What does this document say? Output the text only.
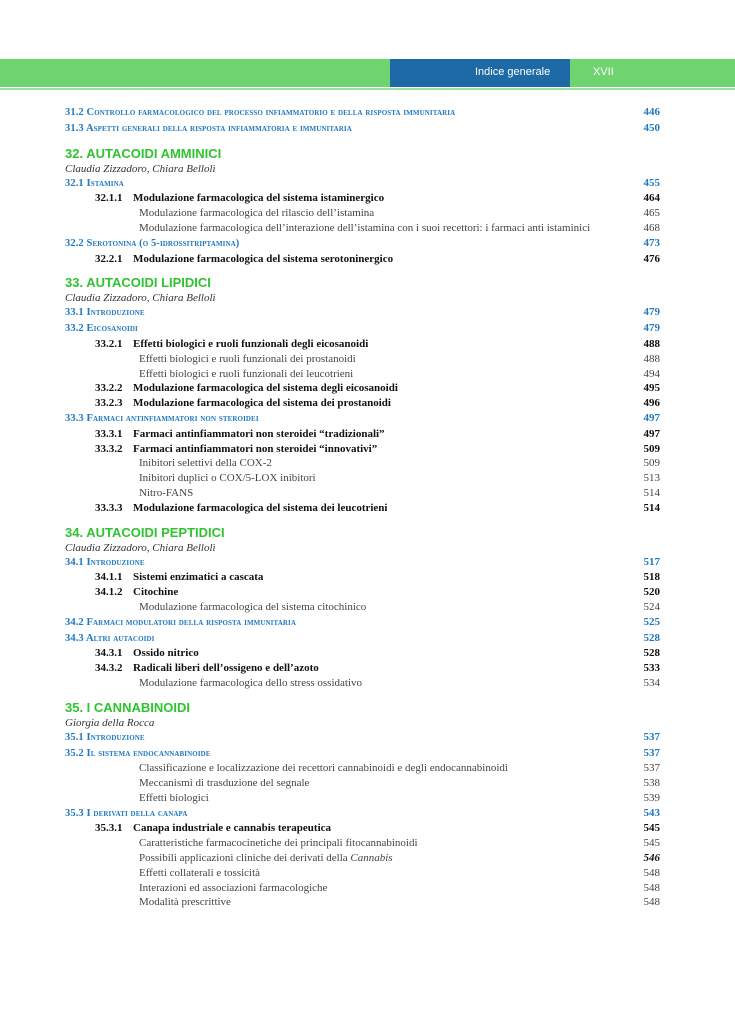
Indice generale	XVII
31.2 Controllo farmacologico del processo infiammatorio e della risposta immunitaria	446
31.3 Aspetti generali della risposta infiammatoria e immunitaria	450
32. AUTACOIDI AMMINICI
Claudia Zizzadoro, Chiara Bellolì
32.1 Istamina	455
32.1.1 Modulazione farmacologica del sistema istaminergico	464
Modulazione farmacologica del rilascio dell’istamina	465
Modulazione farmacologica dell’interazione dell’istamina con i suoi recettori: i farmaci anti istaminici	468
32.2 Serotonina (o 5-idrossitriptamina)	473
32.2.1 Modulazione farmacologica del sistema serotoninergico	476
33. AUTACOIDI LIPIDICI
Claudia Zizzadoro, Chiara Bellolì
33.1 Introduzione	479
33.2 Eicosanoidi	479
33.2.1 Effetti biologici e ruoli funzionali degli eicosanoidi	488
Effetti biologici e ruoli funzionali dei prostanoidi	488
Effetti biologici e ruoli funzionali dei leucotrieni	494
33.2.2 Modulazione farmacologica del sistema degli eicosanoidi	495
33.2.3 Modulazione farmacologica del sistema dei prostanoidi	496
33.3 Farmaci antinfiammatori non steroidei	497
33.3.1 Farmaci antinfiammatori non steroidei “tradizionali”	497
33.3.2 Farmaci antinfiammatori non steroidei “innovativi”	509
Inibitori selettivi della COX-2	509
Inibitori duplici o COX/5-LOX inibitori	513
Nitro-FANS	514
33.3.3 Modulazione farmacologica del sistema dei leucotrieni	514
34. AUTACOIDI PEPTIDICI
Claudia Zizzadoro, Chiara Bellolì
34.1 Introduzione	517
34.1.1 Sistemi enzimatici a cascata	518
34.1.2 Citochine	520
Modulazione farmacologica del sistema citochinico	524
34.2 Farmaci modulatori della risposta immunitaria	525
34.3 Altri autacoidi	528
34.3.1 Ossido nitrico	528
34.3.2 Radicali liberi dell’ossigeno e dell’azoto	533
Modulazione farmacologica dello stress ossidativo	534
35. I CANNABINOIDI
Giorgia della Rocca
35.1 Introduzione	537
35.2 Il sistema endocannabinoide	537
Classificazione e localizzazione dei recettori cannabinoidi e degli endocannabinoidi	537
Meccanismi di trasduzione del segnale	538
Effetti biologici	539
35.3 I derivati della canapa	543
35.3.1 Canapa industriale e cannabis terapeutica	545
Caratteristiche farmacocinetiche dei principali fitocannabinoidi	545
Possibili applicazioni cliniche dei derivati della Cannabis	546
Effetti collaterali e tossicità	548
Interazioni ed associazioni farmacologiche	548
Modalità prescrittive	548
